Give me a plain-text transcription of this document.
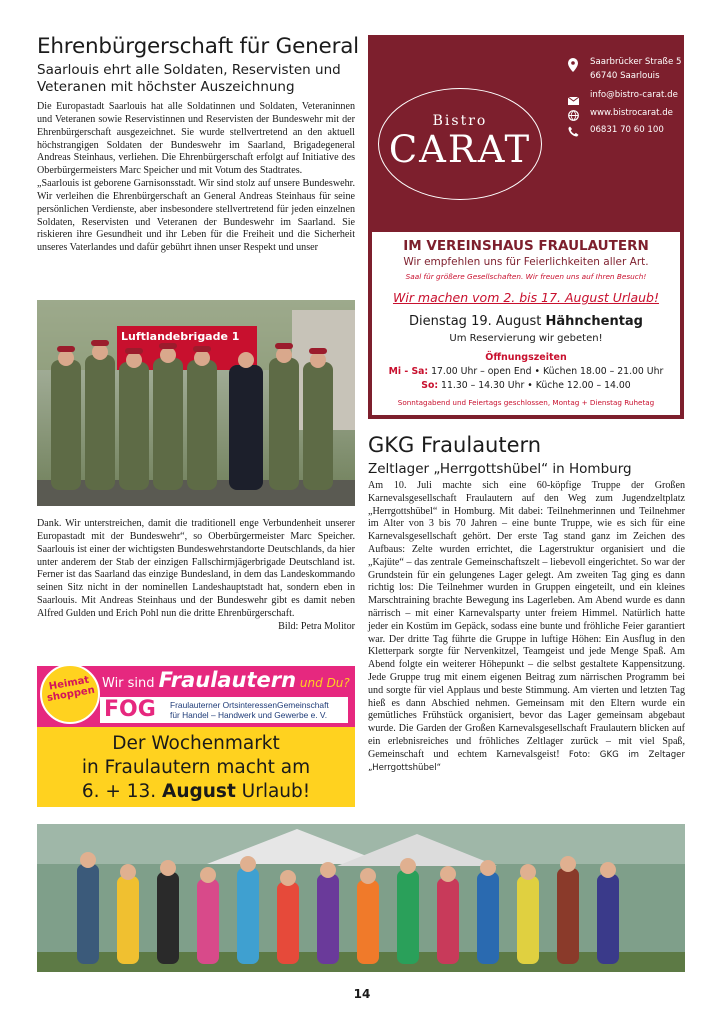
Ehrenbürgerschaft für General
Saarlouis ehrt alle Soldaten, Reservisten und Veteranen mit höchster Auszeichnung

Die Europastadt Saarlouis hat alle Soldatinnen und Soldaten, Veteraninnen und Veteranen sowie Reservistinnen und Reservisten der Bundeswehr mit der Ehrenbürgerschaft ausgezeichnet. Sie wurde stellvertretend an den aktuell höchstrangigen Soldaten der Bundeswehr im Saarland, Brigadegeneral Andreas Steinhaus, verliehen. Die Ehrenbürgerschaft erfolgt auf Initiative des Oberbürgermeisters Marc Speicher und mit Votum des Stadtrates.

„Saarlouis ist geborene Garnisonsstadt. Wir sind stolz auf unsere Bundeswehr. Wir verleihen die Ehrenbürgerschaft an General Andreas Steinhaus für seine persönlichen Verdienste, aber insbesondere stellvertretend für jeden einzelnen Soldaten, Reservisten und Veteranen der Bundeswehr im Saarland. Sie riskieren ihre Gesundheit und ihr Leben für die Freiheit und die Sicherheit unseres Vaterlandes und dafür gebührt ihnen unser Respekt und unser

Luftlandebrigade 1

Dank. Wir unterstreichen, damit die traditionell enge Verbundenheit unserer Europastadt mit der Bundeswehr“, so Oberbürgermeister Marc Speicher. Saarlouis ist einer der wichtigsten Bundeswehrstandorte Deutschlands, da hier unter anderem der Stab der einzigen Fallschirmjägerbrigade Deutschland ist. Ferner ist das Saarland das einzige Bundesland, in dem das Landeskommando seinen Sitz nicht in der nominellen Landeshauptstadt hat, sondern eben in Saarlouis. Mit Andreas Steinhaus und der Bundeswehr gibt es damit neben Alfred Gulden und Erich Pohl nun die dritte Ehrenbürgerschaft.
Bild: Petra Molitor

Wir sind Fraulautern und Du?
FOG Fraulauterner OrtsinteressenGemeinschaft
für Handel – Handwerk und Gewerbe e. V.
Heimat shoppen
Der Wochenmarkt
in Fraulautern macht am
6. + 13. August Urlaub!
Bistro
CARAT
Saarbrücker Straße 5
66740 Saarlouis
info@bistro-carat.de
www.bistrocarat.de
06831 70 60 100
IM VEREINSHAUS FRAULAUTERN
Wir empfehlen uns für Feierlichkeiten aller Art.
Saal für größere Gesellschaften. Wir freuen uns auf Ihren Besuch!
Wir machen vom 2. bis 17. August Urlaub!
Dienstag 19. August Hähnchentag
Um Reservierung wir gebeten!
Öffnungszeiten
Mi - Sa: 17.00 Uhr – open End • Küchen 18.00 – 21.00 Uhr
So: 11.30 – 14.30 Uhr • Küche 12.00 – 14.00
Sonntagabend und Feiertags geschlossen, Montag + Dienstag Ruhetag
GKG Fraulautern
Zeltlager „Herrgottshübel“ in Homburg
Am 10. Juli machte sich eine 60-köpfige Truppe der Großen Karnevalsgesellschaft Fraulautern auf den Weg zum Jugendzeltplatz „Herrgottshübel“ in Homburg. Mit dabei: Teilnehmerinnen und Teilnehmer im Alter von 3 bis 70 Jahren – eine bunte Truppe, wie es sich für eine Karnevalsgesellschaft gehört. Der erste Tag stand ganz im Zeichen des Aufbaus: Zelte wurden errichtet, die Lagerstruktur organisiert und die „Kajüte“ – das zentrale Gemeinschaftszelt – liebevoll eingerichtet. So war der Grundstein für ein gelungenes Lager gelegt. Am zweiten Tag ging es dann richtig los: Die Teilnehmer wurden in Gruppen eingeteilt, und ein kleines Marschtraining brachte Bewegung ins Lagerleben. Am Abend wurde es dann närrisch – mit einer Karnevalsparty unter freiem Himmel. Natürlich hatte jeder ein Kostüm im Gepäck, sodass eine bunte und fröhliche Feier garantiert war. Der dritte Tag führte die Gruppe in luftige Höhen: Ein Ausflug in den Kletterpark sorgte für Nervenkitzel, Teamgeist und jede Menge Spaß. Am Abend folgte ein weiterer Höhepunkt – die selbst gestaltete Kappensitzung. Jede Gruppe trug mit einem eigenen Beitrag zum närrischen Programm bei und sorgte für viel Applaus und beste Stimmung. Am vierten und letzten Tag hieß es dann Abschied nehmen. Gemeinsam mit den Eltern wurde ein gemütliches Frühstück organisiert, bevor das Lager gemeinsam abgebaut wurde. Die Garden der Großen Karnevalsgesellschaft Fraulautern blicken auf ein erlebnisreiches und fröhliches Zeltlager zurück – mit viel Spaß, Gemeinschaft und echtem Karnevalsgeist! Foto: GKG im Zeltager „Herrgottshübel“
14
